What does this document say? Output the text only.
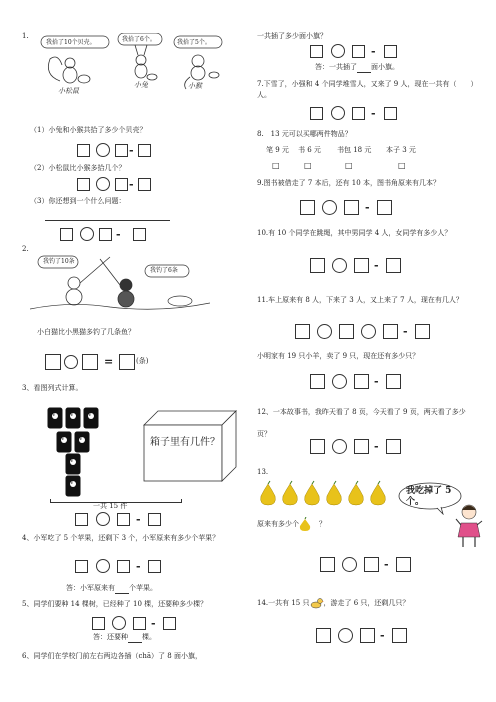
1.
我拾了10个贝壳。	我拾了6个。	我拾了5个。
小松鼠
小兔	小猴
（1）小兔和小猴共拾了多少个贝壳？
-
（2）小松鼠比小猴多拾几个？
-
（3）你还想到一个什么问题：
-
2.
我钓了10条
我钓了6条
小白猫比小黑猫多钓了几条鱼？
=	(条)
3、看图列式计算。
V	V	V
V	V
V
V
箱子里有几件？
一共 15 件
-
4、小军吃了 5 个苹果，还剩下 3 个，小军原来有多少个苹果？
-
答：小军原来有 个苹果。
5、同学们要种 14 棵树，已经种了 10 棵，还要种多少棵？
-
答：还要种 棵。
6、同学们在学校门前左右两边各插（chā）了 8 面小旗，
一共插了多少面小旗？
-
答：一共插了 面小旗。
7.下雪了，小强和 4 个同学堆雪人，又来了 9 人，现在一共有（　　）人。
-
8.　13 元可以买哪两件物品？
笔 9 元 书 6 元 书包 18 元 本子 3 元
□	□	□	□
9.图书被借走了 7 本后，还有 10 本，图书角原来有几本？
-
10.有 10 个同学在跳绳，其中男同学 4 人，女同学有多少人？
-
11.车上原来有 8 人，下来了 3 人，又上来了 7 人，现在有几人？
-
小明家有 19 只小羊，卖了 9 只，现在还有多少只？
-
12、一本故事书，我昨天看了 8 页，今天看了 9 页，两天看了多少页？
-
13.
我吃掉了 5 个。
原来有多少个	？
-
14.一共有 15 只 ，游走了 6 只，还剩几只？
-
